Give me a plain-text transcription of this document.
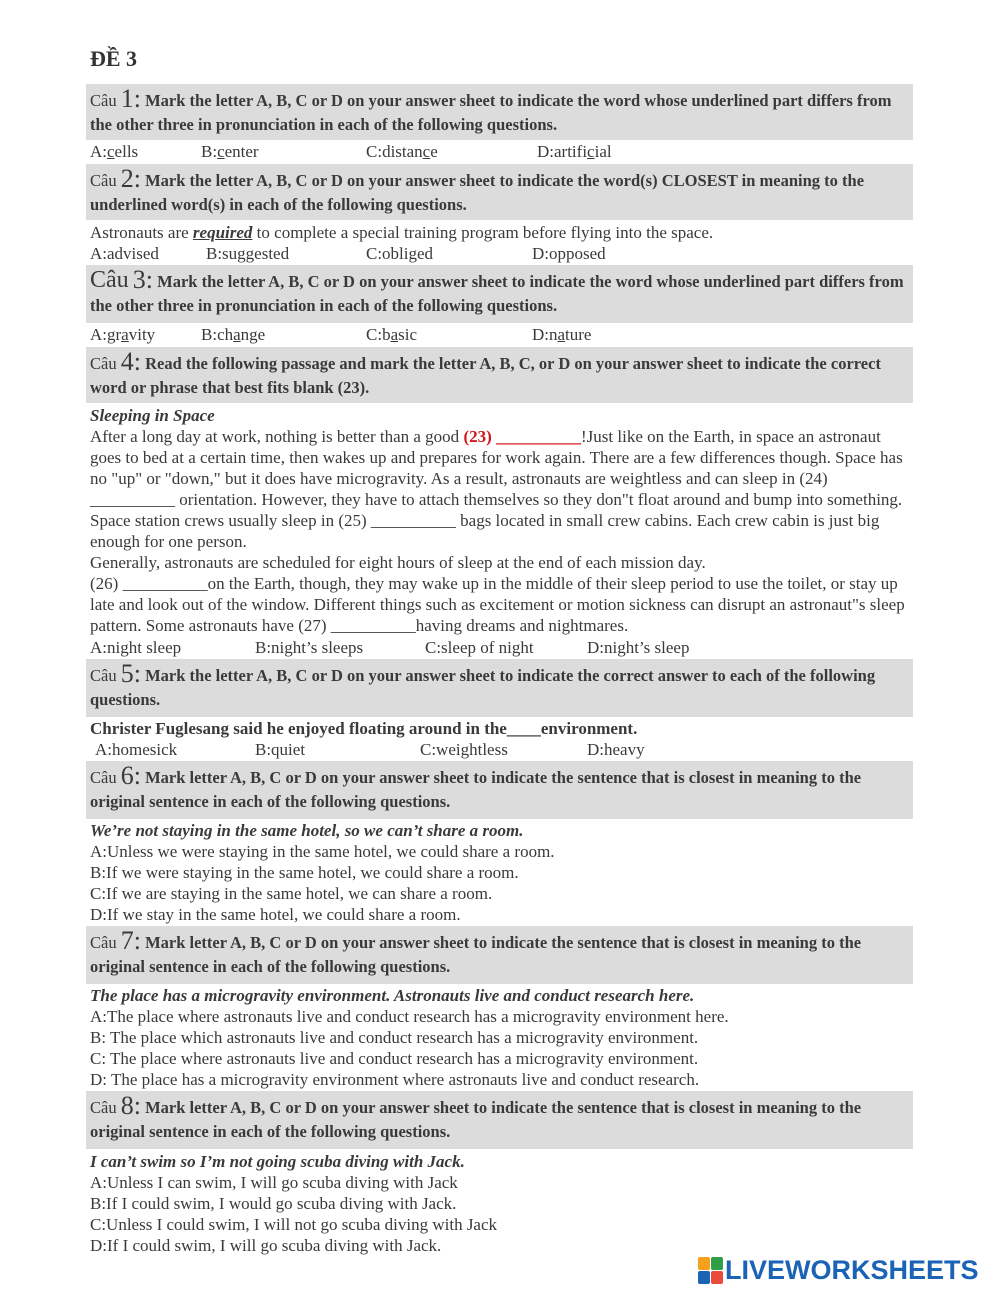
ĐỀ 3
Câu 1: Mark the letter A, B, C or D on your answer sheet to indicate the word whose underlined part differs from the other three in pronunciation in each of the following questions.
A:cells	B:center	C:distance	D:artificial
Câu 2: Mark the letter A, B, C or D on your answer sheet to indicate the word(s) CLOSEST in meaning to the underlined word(s) in each of the following questions.
Astronauts are required to complete a special training program before flying into the space.
A:advised	B:suggested	C:obliged	D:opposed
Câu 3: Mark the letter A, B, C or D on your answer sheet to indicate the word whose underlined part differs from the other three in pronunciation in each of the following questions.
A:gravity	B:change	C:basic	D:nature
Câu 4: Read the following passage and mark the letter A, B, C, or D on your answer sheet to indicate the correct word or phrase that best fits blank (23).

Sleeping in Space

After a long day at work, nothing is better than a good (23) __________!Just like on the Earth, in space an astronaut goes to bed at a certain time, then wakes up and prepares for work again. There are a few differences though. Space has no "up" or "down," but it does have microgravity. As a result, astronauts are weightless and can sleep in (24) __________ orientation. However, they have to attach themselves so they don"t float around and bump into something. Space station crews usually sleep in (25) __________ bags located in small crew cabins. Each crew cabin is just big enough for one person.

Generally, astronauts are scheduled for eight hours of sleep at the end of each mission day.

(26) __________on the Earth, though, they may wake up in the middle of their sleep period to use the toilet, or stay up late and look out of the window. Different things such as excitement or motion sickness can disrupt an astronaut"s sleep pattern. Some astronauts have (27) __________having dreams and nightmares.

A:night sleep	B:night’s sleeps	C:sleep of night	D:night’s sleep
Câu 5: Mark the letter A, B, C or D on your answer sheet to indicate the correct answer to each of the following questions.
Christer Fuglesang said he enjoyed floating around in the____environment.
A:homesick	B:quiet	C:weightless	D:heavy
Câu 6: Mark letter A, B, C or D on your answer sheet to indicate the sentence that is closest in meaning to the original sentence in each of the following questions.
We’re not staying in the same hotel, so we can’t share a room.
A:Unless we were staying in the same hotel, we could share a room.
B:If we were staying in the same hotel, we could share a room.
C:If we are staying in the same hotel, we can share a room.
D:If we stay in the same hotel, we could share a room.
Câu 7: Mark letter A, B, C or D on your answer sheet to indicate the sentence that is closest in meaning to the original sentence in each of the following questions.
The place has a microgravity environment. Astronauts live and conduct research here.
A:The place where astronauts live and conduct research has a microgravity environment here.
B: The place which astronauts live and conduct research has a microgravity environment.
C: The place where astronauts live and conduct research has a microgravity environment.
D: The place has a microgravity environment where astronauts live and conduct research.
Câu 8: Mark letter A, B, C or D on your answer sheet to indicate the sentence that is closest in meaning to the original sentence in each of the following questions.
I can’t swim so I’m not going scuba diving with Jack.
A:Unless I can swim, I will go scuba diving with Jack
B:If I could swim, I would go scuba diving with Jack.
C:Unless I could swim, I will not go scuba diving with Jack
D:If I could swim, I will go scuba diving with Jack.
LIVEWORKSHEETS
